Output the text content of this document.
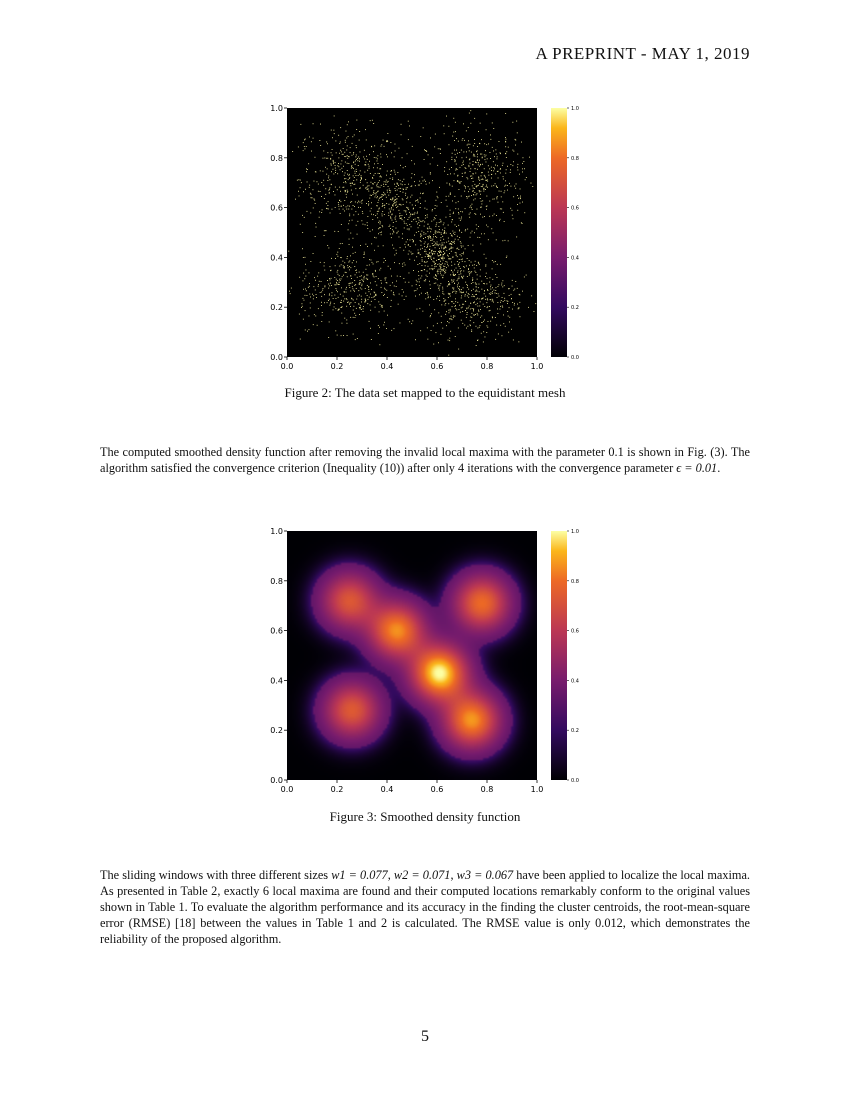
A PREPRINT - MAY 1, 2019
0.0	0.2	0.4	0.6	0.8	1.0
0.0
0.2
0.4
0.6
0.8
1.0
0.0
0.2
0.4
0.6
0.8
1.0
Figure 2: The data set mapped to the equidistant mesh
The computed smoothed density function after removing the invalid local maxima with the parameter 0.1 is shown in Fig. (3). The algorithm satisfied the convergence criterion (Inequality (10)) after only 4 iterations with the convergence parameter ϵ = 0.01.
0.0	0.2	0.4	0.6	0.8	1.0
0.0
0.2
0.4
0.6
0.8
1.0
0.0
0.2
0.4
0.6
0.8
1.0
Figure 3: Smoothed density function
The sliding windows with three different sizes w1 = 0.077, w2 = 0.071, w3 = 0.067 have been applied to localize the local maxima. As presented in Table 2, exactly 6 local maxima are found and their computed locations remarkably conform to the original values shown in Table 1. To evaluate the algorithm performance and its accuracy in the finding the cluster centroids, the root-mean-square error (RMSE) [18] between the values in Table 1 and 2 is calculated. The RMSE value is only 0.012, which demonstrates the reliability of the proposed algorithm.
5
